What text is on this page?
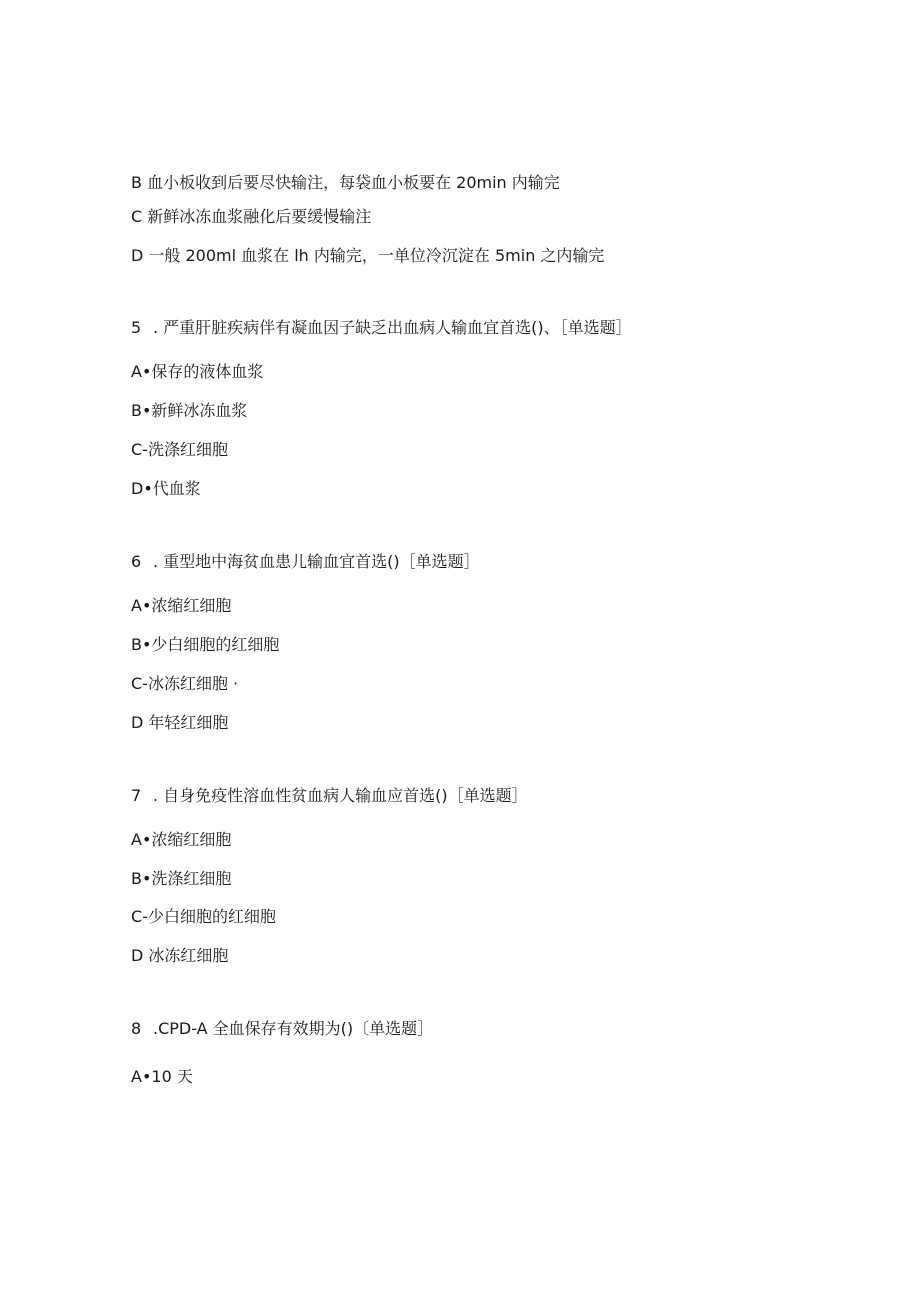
B 血小板收到后要尽快输注，每袋血小板要在 20min 内输完
C 新鲜冰冻血浆融化后要缓慢输注
D 一般 200ml 血浆在 lh 内输完，一单位冷沉淀在 5min 之内输完
5 . 严重肝脏疾病伴有凝血因子缺乏出血病人输血宜首选()、［单选题］
A•保存的液体血浆
B•新鲜冰冻血浆
C-洗涤红细胞
D•代血浆
6 . 重型地中海贫血患儿输血宜首选()［单选题］
A•浓缩红细胞
B•少白细胞的红细胞
C-冰冻红细胞 ·
D 年轻红细胞
7 . 自身免疫性溶血性贫血病人输血应首选()［单选题］
A•浓缩红细胞
B•洗涤红细胞
C-少白细胞的红细胞
D 冰冻红细胞
8 .CPD-A 全血保存有效期为()〔单选题］
A•10 天
